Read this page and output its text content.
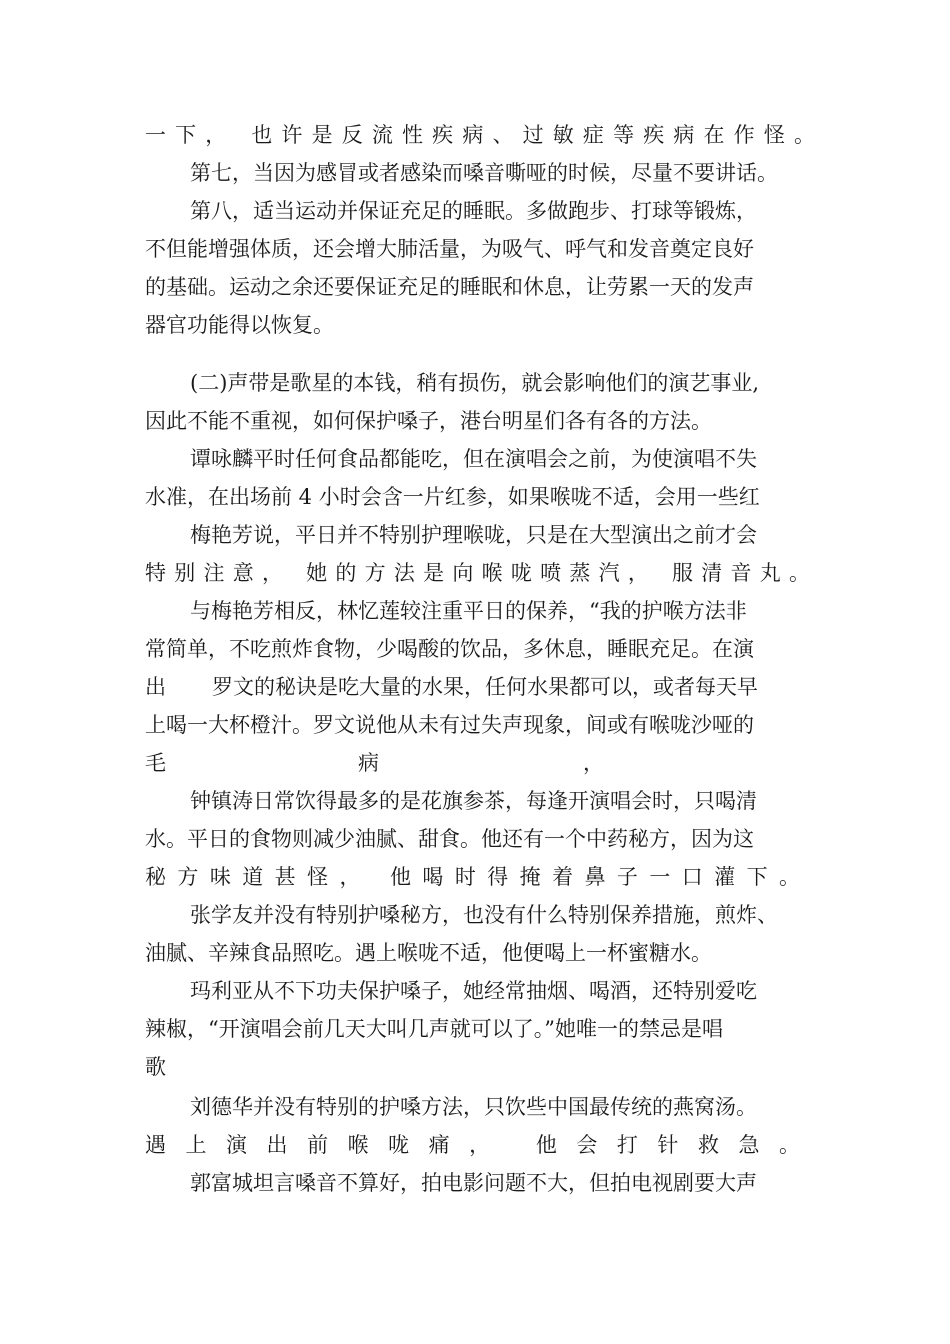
一下， 也许是反流性疾病、过敏症等疾病在作怪。
第七，当因为感冒或者感染而嗓音嘶哑的时候，尽量不要讲话。
第八，适当运动并保证充足的睡眠。多做跑步、打球等锻炼，
不但能增强体质，还会增大肺活量，为吸气、呼气和发音奠定良好
的基础。运动之余还要保证充足的睡眠和休息，让劳累一天的发声
器官功能得以恢复。
(二)声带是歌星的本钱，稍有损伤，就会影响他们的演艺事业,
因此不能不重视，如何保护嗓子，港台明星们各有各的方法。
谭咏麟平时任何食品都能吃，但在演唱会之前，为使演唱不失
水准，在出场前 4 小时会含一片红参，如果喉咙不适，会用一些红
梅艳芳说，平日并不特别护理喉咙，只是在大型演出之前才会
特别注意， 她的方法是向喉咙喷蒸汽， 服清音丸。
与梅艳芳相反，林忆莲较注重平日的保养，“我的护喉方法非
常简单，不吃煎炸食物，少喝酸的饮品，多休息，睡眠充足。在演
出	罗文的秘诀是吃大量的水果，任何水果都可以，或者每天早
上喝一大杯橙汁。罗文说他从未有过失声现象，间或有喉咙沙哑的
毛	病	，
钟镇涛日常饮得最多的是花旗参茶，每逢开演唱会时，只喝清
水。平日的食物则减少油腻、甜食。他还有一个中药秘方，因为这
秘方味道甚怪， 他喝时得掩着鼻子一口灌下。
张学友并没有特别护嗓秘方，也没有什么特别保养措施，煎炸、
油腻、辛辣食品照吃。遇上喉咙不适，他便喝上一杯蜜糖水。
玛利亚从不下功夫保护嗓子，她经常抽烟、喝酒，还特别爱吃
辣椒，“开演唱会前几天大叫几声就可以了。”她唯一的禁忌是唱
歌
刘德华并没有特别的护嗓方法，只饮些中国最传统的燕窝汤。
遇上演出前喉咙痛， 他会打针救急。
郭富城坦言嗓音不算好，拍电影问题不大，但拍电视剧要大声
